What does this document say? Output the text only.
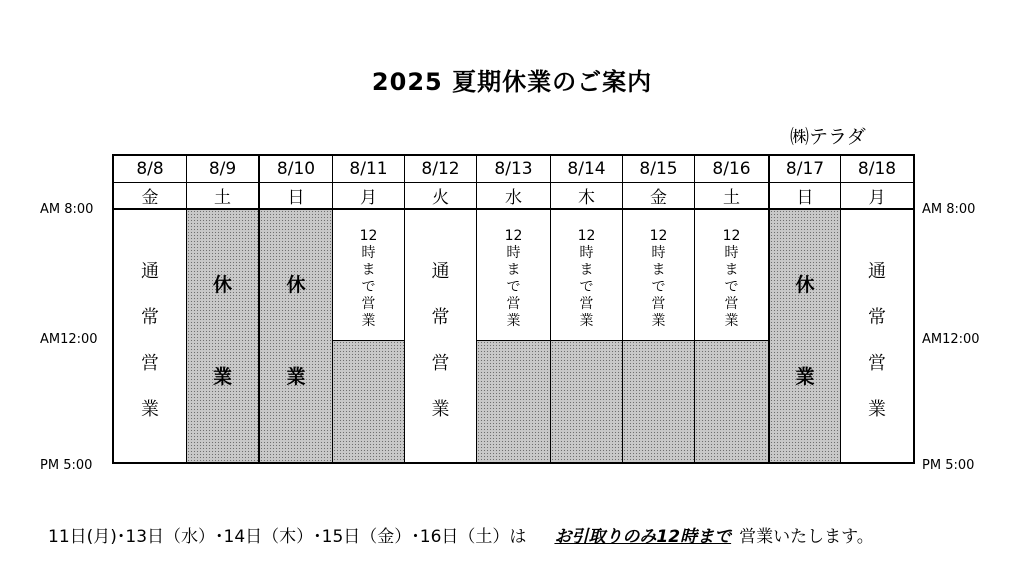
2025 夏期休業のご案内
㈱テラダ
AM 8:00
AM12:00
PM 5:00
AM 8:00
AM12:00
PM 5:00
8/8
金
通
常
営
業
8/9
土
休
業
8/10
日
休
業
8/11
月
12
時
ま
で
営
業
8/12
火
通
常
営
業
8/13
水
12
時
ま
で
営
業
8/14
木
12
時
ま
で
営
業
8/15
金
12
時
ま
で
営
業
8/16
土
12
時
ま
で
営
業
8/17
日
休
業
8/18
月
通
常
営
業
11日(月)･13日（水）･14日（木）･15日（金）･16日（土）は お引取りのみ12時まで 営業いたします。
